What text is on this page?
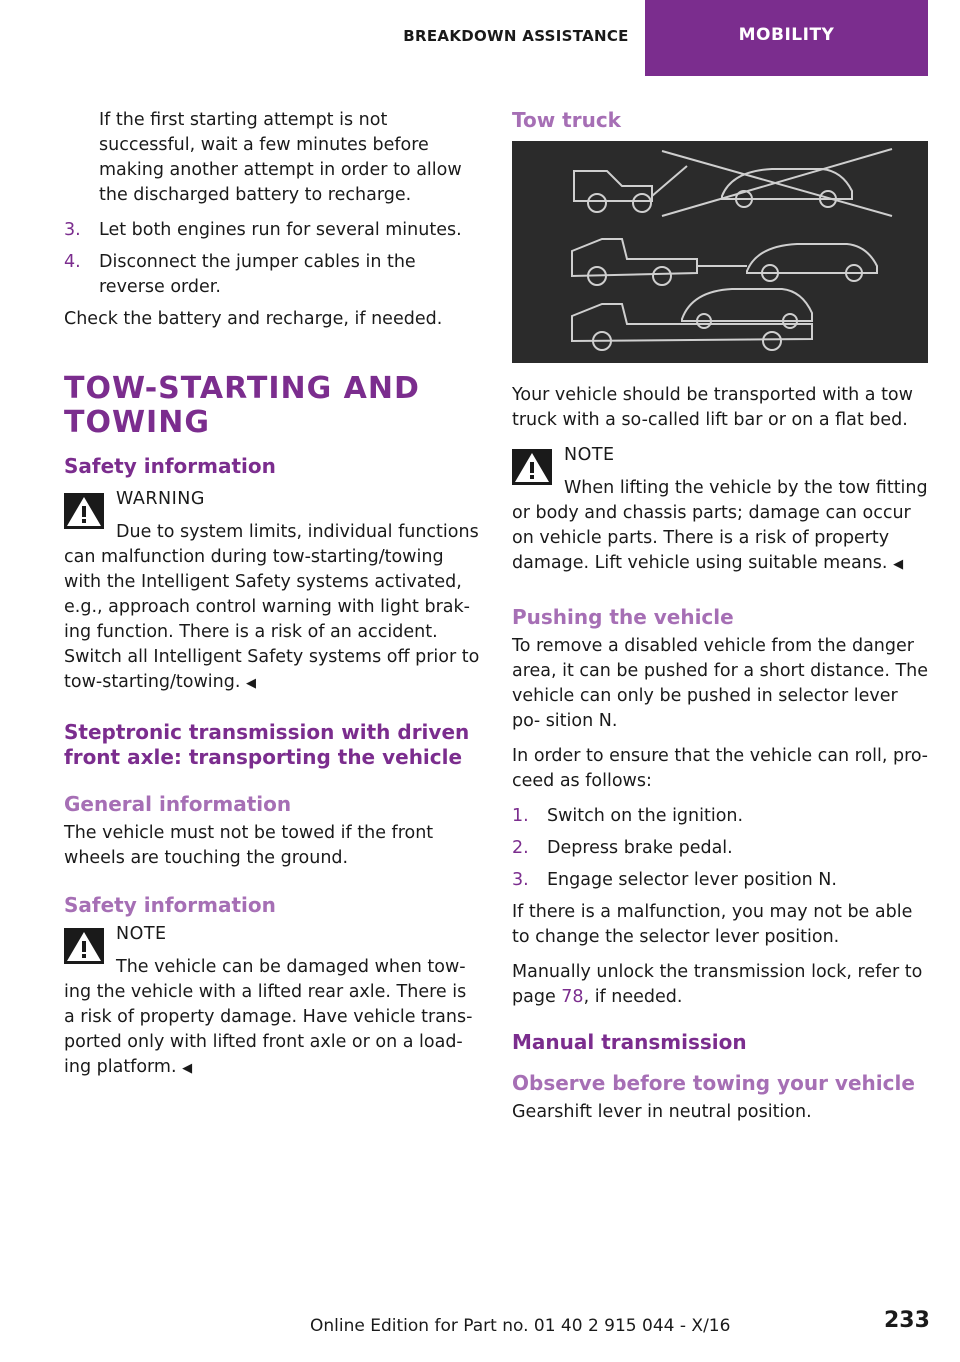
BREAKDOWN ASSISTANCE	MOBILITY

If the first starting attempt is not successful, wait a few minutes before making another attempt in order to allow the discharged battery to recharge.

3. Let both engines run for several minutes.
4. Disconnect the jumper cables in the reverse order.

Check the battery and recharge, if needed.

TOW-STARTING AND TOWING
Safety information
WARNING

Due to system limits, individual functions can malfunction during tow-starting/towing with the Intelligent Safety systems activated, e.g., approach control warning with light brak‐ ing function. There is a risk of an accident. Switch all Intelligent Safety systems off prior to tow-starting/towing. ◀

Steptronic transmission with driven front axle: transporting the vehicle
General information

The vehicle must not be towed if the front wheels are touching the ground.

Safety information
NOTE

The vehicle can be damaged when tow‐ ing the vehicle with a lifted rear axle. There is a risk of property damage. Have vehicle trans‐ ported only with lifted front axle or on a load‐ ing platform. ◀

Tow truck

Your vehicle should be transported with a tow truck with a so-called lift bar or on a flat bed.

NOTE

When lifting the vehicle by the tow fitting or body and chassis parts; damage can occur on vehicle parts. There is a risk of property damage. Lift vehicle using suitable means. ◀

Pushing the vehicle

To remove a disabled vehicle from the danger area, it can be pushed for a short distance. The vehicle can only be pushed in selector lever po‐ sition N.

In order to ensure that the vehicle can roll, pro‐ ceed as follows:

1. Switch on the ignition.
2. Depress brake pedal.
3. Engage selector lever position N.

If there is a malfunction, you may not be able to change the selector lever position.

Manually unlock the transmission lock, refer to page 78, if needed.

Manual transmission
Observe before towing your vehicle

Gearshift lever in neutral position.

Online Edition for Part no. 01 40 2 915 044 - X/16	233
